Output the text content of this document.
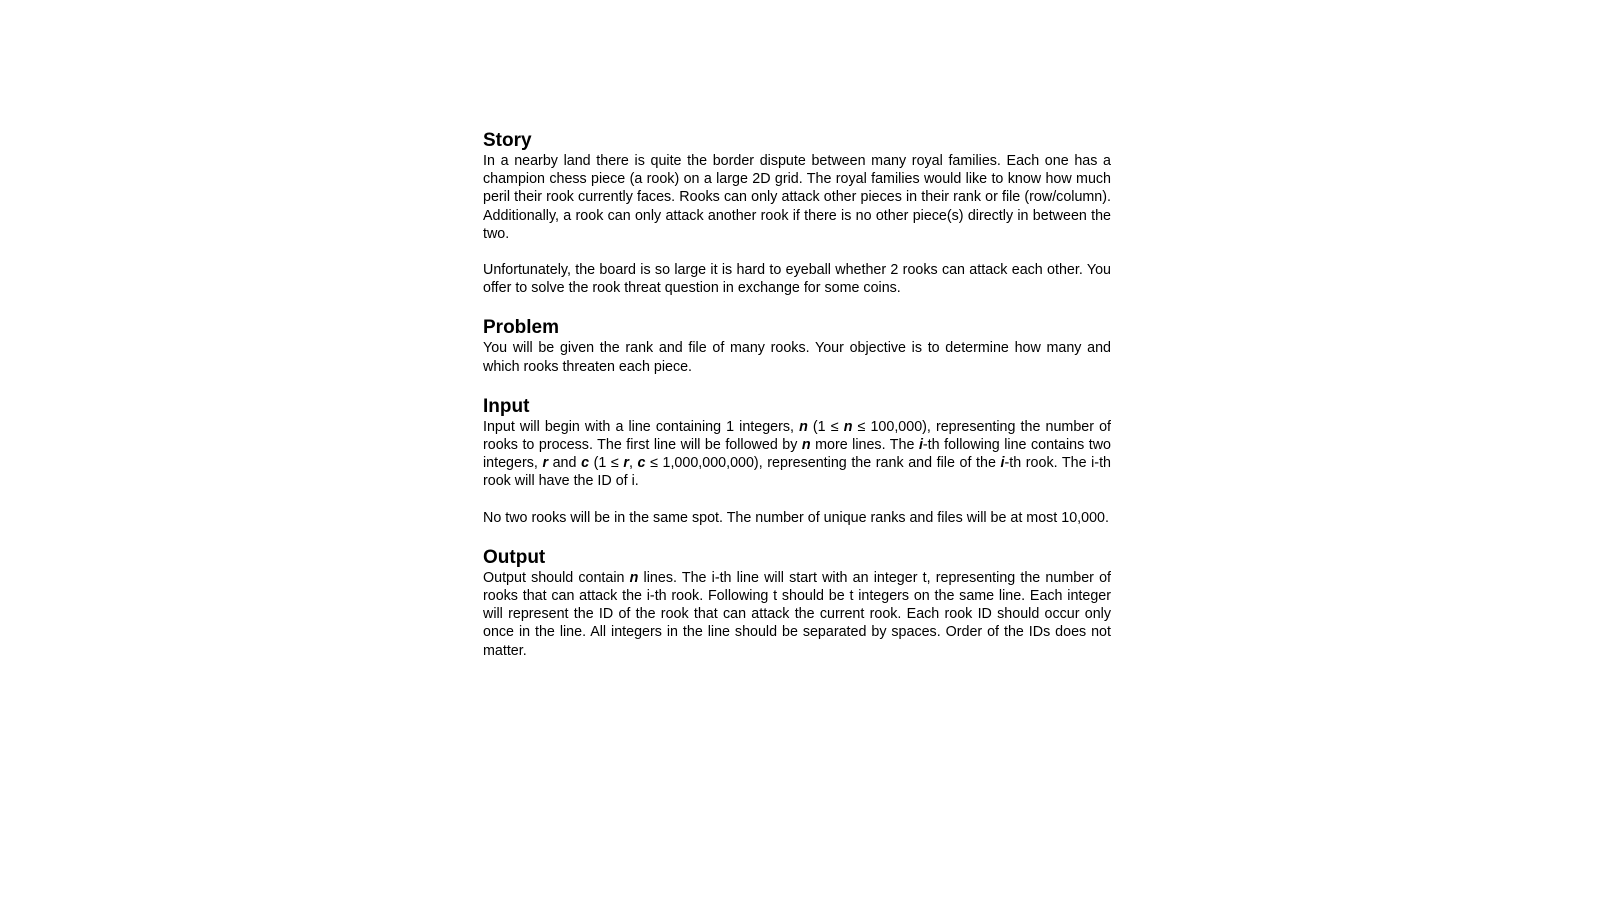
Story

In a nearby land there is quite the border dispute between many royal families. Each one has a champion chess piece (a rook) on a large 2D grid. The royal families would like to know how much peril their rook currently faces. Rooks can only attack other pieces in their rank or file (row/column). Additionally, a rook can only attack another rook if there is no other piece(s) directly in between the two.

Unfortunately, the board is so large it is hard to eyeball whether 2 rooks can attack each other. You offer to solve the rook threat question in exchange for some coins.

Problem

You will be given the rank and file of many rooks. Your objective is to determine how many and which rooks threaten each piece.

Input

Input will begin with a line containing 1 integers, n (1 ≤ n ≤ 100,000), representing the number of rooks to process. The first line will be followed by n more lines. The i-th following line contains two integers, r and c (1 ≤ r, c ≤ 1,000,000,000), representing the rank and file of the i-th rook. The i-th rook will have the ID of i.

No two rooks will be in the same spot. The number of unique ranks and files will be at most 10,000.

Output

Output should contain n lines. The i-th line will start with an integer t, representing the number of rooks that can attack the i-th rook. Following t should be t integers on the same line. Each integer will represent the ID of the rook that can attack the current rook. Each rook ID should occur only once in the line. All integers in the line should be separated by spaces. Order of the IDs does not matter.
